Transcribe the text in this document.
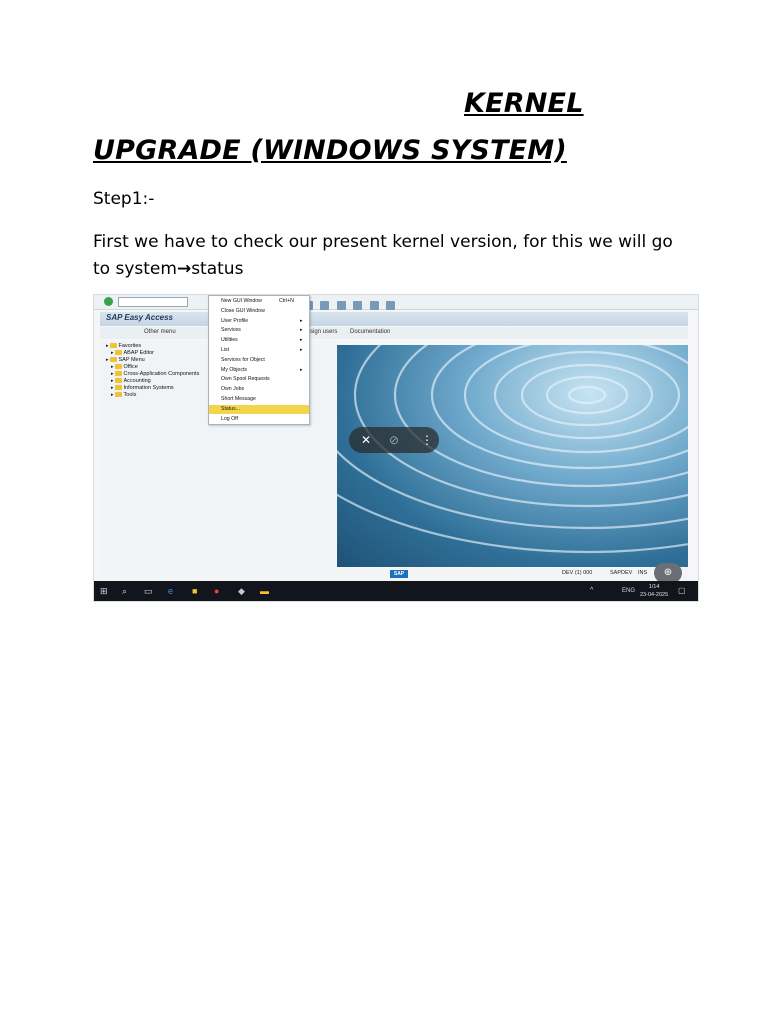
KERNEL
UPGRADE (WINDOWS SYSTEM)
Step1:-
First we have to check our present kernel version, for this we will go
to system→status

SAP Easy Access
Other menu	sign users Documentation
▸ Favorites
▸ ABAP Editor
▸ SAP Menu
▸ Office
▸ Cross-Application Components
▸ Accounting
▸ Information Systems
▸ Tools
✕ ⊘ ⋮
New GUI Window	Ctrl+N
Close GUI Window
User Profile	▸
Services	▸
Utilities	▸
List	▸
Services for Object
My Objects	▸
Own Spool Requests
Own Jobs
Short Message
Status...
Log Off
SAP	DEV (1) 000	SAPDEV INS	⊕
⊞ ⌕ ▭ e ■ ● ◆ ▬	^	ENG
1/14
23-04-2025 ▢
